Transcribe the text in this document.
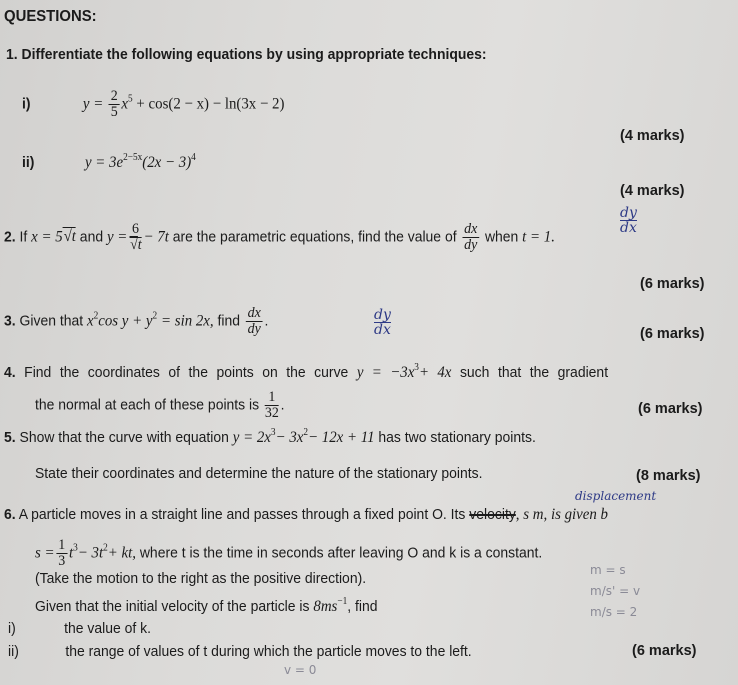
QUESTIONS:
1. Differentiate the following equations by using appropriate techniques:
i)	$y = \frac{2}{5} x^5 + \cos(2 - x) - \ln(3x - 2)$
(4 marks)
ii)	$y = 3e^{2-5x}(2x - 3)^4$
(4 marks)
2. If x = 5√t and $y = \frac{6}{√t} - 7t$ are the parametric equations, find the value of $\frac{dx}{dy}$ when t = 1.
dy
dx
(6 marks)
3. Given that $x^2\cos$ $y + y^2 = \sin 2x$, find $\frac{dx}{dy}$ .	dy
dx	(6 marks)
4. Find the coordinates of the points on the curve $y = -3x^3+ 4x$ such that the gradient
the normal at each of these points is $\frac{1}{32}$ .	(6 marks)
5. Show that the curve with equation $y = 2x^3- 3x^2- 12x + 11$ has two stationary points.
State their coordinates and determine the nature of the stationary points.	(8 marks)
displacement
6. A particle moves in a straight line and passes through a fixed point O. Its velocity, s m, is given b
$s = \frac{1}{3} t^3- 3t^2+$ kt, where t is the time in seconds after leaving O and k is a constant.
(Take the motion to the right as the positive direction).
Given that the initial velocity of the particle is $8ms^{-1}$, find
i)	the value of k.
ii)	the range of values of t during which the particle moves to the left.	(6 marks)
m = s
m/s' = v
m/s = 2
v = 0
